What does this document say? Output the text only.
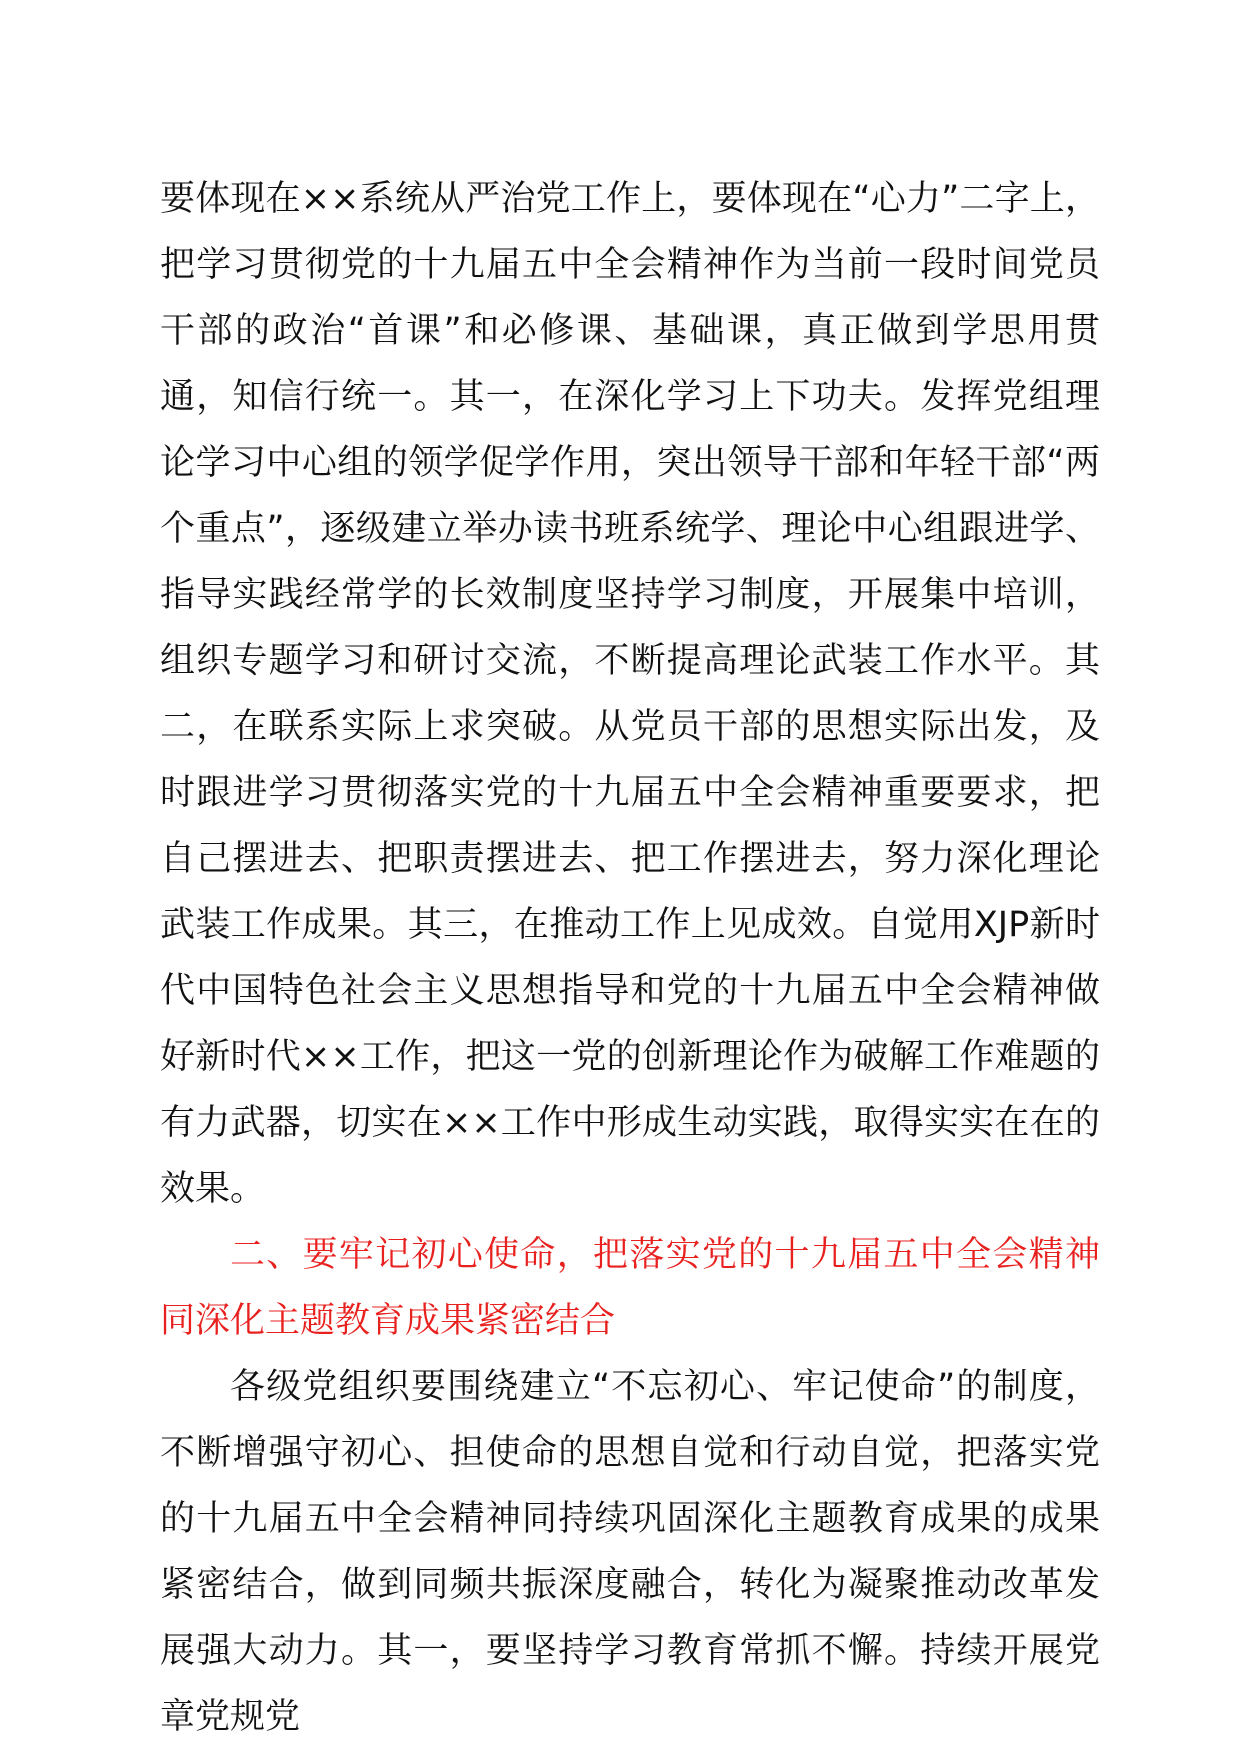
要体现在××系统从严治党工作上，要体现在“心力”二字上，把学习贯彻党的十九届五中全会精神作为当前一段时间党员干部的政治“首课”和必修课、基础课，真正做到学思用贯通，知信行统一。其一，在深化学习上下功夫。发挥党组理论学习中心组的领学促学作用，突出领导干部和年轻干部“两个重点”，逐级建立举办读书班系统学、理论中心组跟进学、指导实践经常学的长效制度坚持学习制度，开展集中培训，组织专题学习和研讨交流，不断提高理论武装工作水平。其二，在联系实际上求突破。从党员干部的思想实际出发，及时跟进学习贯彻落实党的十九届五中全会精神重要要求，把自己摆进去、把职责摆进去、把工作摆进去，努力深化理论武装工作成果。其三，在推动工作上见成效。自觉用XJP新时代中国特色社会主义思想指导和党的十九届五中全会精神做好新时代××工作，把这一党的创新理论作为破解工作难题的有力武器，切实在××工作中形成生动实践，取得实实在在的效果。

二、要牢记初心使命，把落实党的十九届五中全会精神同深化主题教育成果紧密结合

各级党组织要围绕建立“不忘初心、牢记使命”的制度，不断增强守初心、担使命的思想自觉和行动自觉，把落实党的十九届五中全会精神同持续巩固深化主题教育成果的成果紧密结合，做到同频共振深度融合，转化为凝聚推动改革发展强大动力。其一，要坚持学习教育常抓不懈。持续开展党章党规党
